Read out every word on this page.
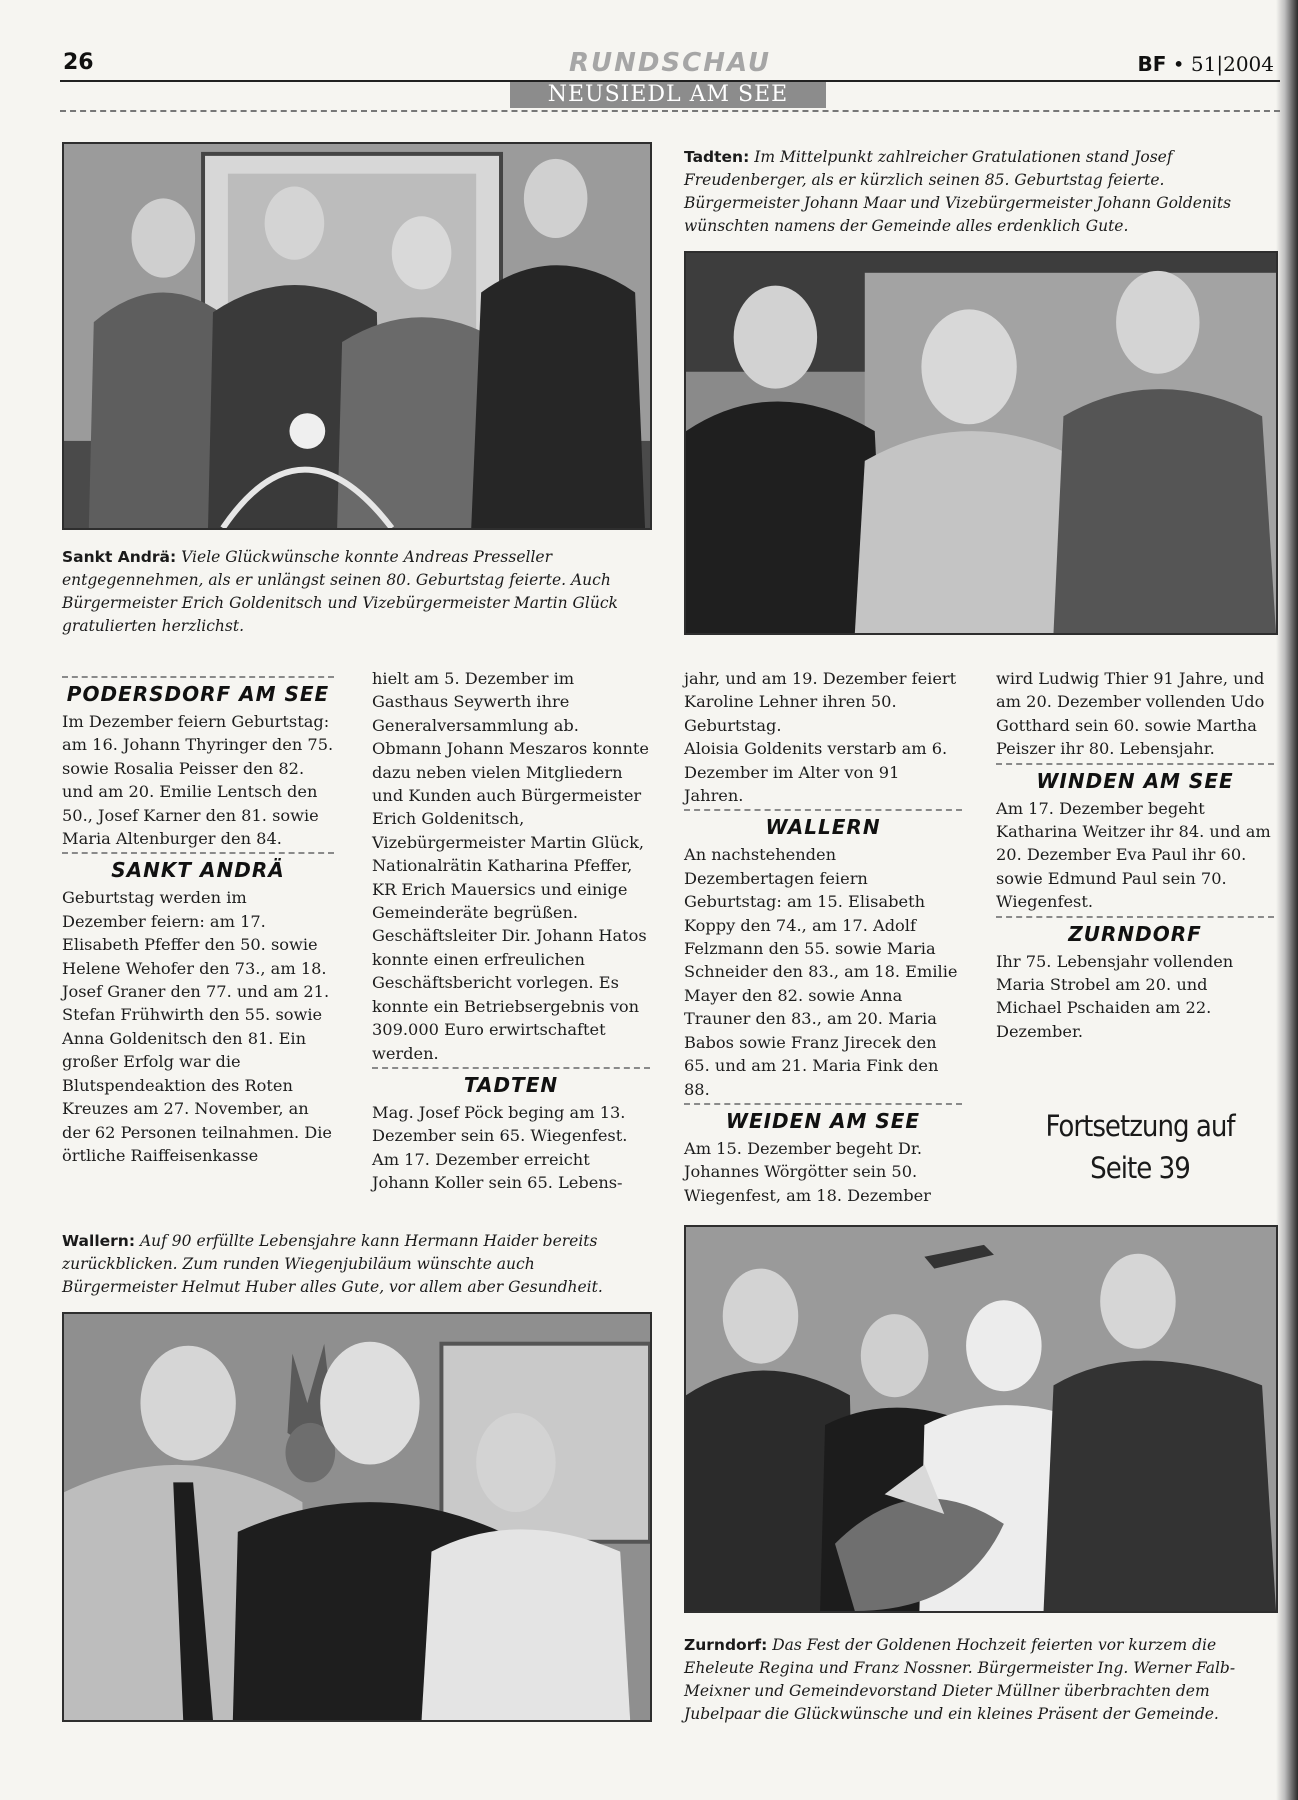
26	RUNDSCHAU	BF • 51|2004
NEUSIEDL AM SEE
Tadten: Im Mittelpunkt zahlreicher Gratulationen stand Josef Freudenberger, als er kürzlich seinen 85. Geburtstag feierte. Bürgermeister Johann Maar und Vizebürgermeister Johann Goldenits wünschten namens der Gemeinde alles erdenklich Gute.
Sankt Andrä: Viele Glückwünsche konnte Andreas Presseller entgegennehmen, als er unlängst seinen 80. Geburtstag feierte. Auch Bürgermeister Erich Goldenitsch und Vizebürgermeister Martin Glück gratulierten herzlichst.
PODERSDORF AM SEE

Im Dezember feiern Geburtstag: am 16. Johann Thyringer den 75. sowie Rosalia Peisser den 82. und am 20. Emilie Lentsch den 50., Josef Karner den 81. sowie Maria Altenburger den 84.

SANKT ANDRÄ

Geburtstag werden im Dezember feiern: am 17. Elisabeth Pfeffer den 50. sowie Helene Wehofer den 73., am 18. Josef Graner den 77. und am 21. Stefan Frühwirth den 55. sowie Anna Goldenitsch den 81. Ein großer Erfolg war die Blutspendeaktion des Roten Kreuzes am 27. November, an der 62 Personen teilnahmen. Die örtliche Raiffeisenkasse

hielt am 5. Dezember im Gasthaus Seywerth ihre Generalversammlung ab. Obmann Johann Meszaros konnte dazu neben vielen Mitgliedern und Kunden auch Bürgermeister Erich Goldenitsch, Vizebürgermeister Martin Glück, Nationalrätin Katharina Pfeffer, KR Erich Mauersics und einige Gemeinderäte begrüßen. Geschäftsleiter Dir. Johann Hatos konnte einen erfreulichen Geschäftsbericht vorlegen. Es konnte ein Betriebsergebnis von 309.000 Euro erwirtschaftet werden.

TADTEN

Mag. Josef Pöck beging am 13. Dezember sein 65. Wiegenfest. Am 17. Dezember erreicht Johann Koller sein 65. Lebens-

jahr, und am 19. Dezember feiert Karoline Lehner ihren 50. Geburtstag.

Aloisia Goldenits verstarb am 6. Dezember im Alter von 91 Jahren.

WALLERN

An nachstehenden Dezembertagen feiern Geburtstag: am 15. Elisabeth Koppy den 74., am 17. Adolf Felzmann den 55. sowie Maria Schneider den 83., am 18. Emilie Mayer den 82. sowie Anna Trauner den 83., am 20. Maria Babos sowie Franz Jirecek den 65. und am 21. Maria Fink den 88.

WEIDEN AM SEE

Am 15. Dezember begeht Dr. Johannes Wörgötter sein 50. Wiegenfest, am 18. Dezember

wird Ludwig Thier 91 Jahre, und am 20. Dezember vollenden Udo Gotthard sein 60. sowie Martha Peiszer ihr 80. Lebensjahr.

WINDEN AM SEE

Am 17. Dezember begeht Katharina Weitzer ihr 84. und am 20. Dezember Eva Paul ihr 60. sowie Edmund Paul sein 70. Wiegenfest.

ZURNDORF

Ihr 75. Lebensjahr vollenden Maria Strobel am 20. und Michael Pschaiden am 22. Dezember.

Fortsetzung auf
Seite 39
Wallern: Auf 90 erfüllte Lebensjahre kann Hermann Haider bereits zurückblicken. Zum runden Wiegenjubiläum wünschte auch Bürgermeister Helmut Huber alles Gute, vor allem aber Gesundheit.
Zurndorf: Das Fest der Goldenen Hochzeit feierten vor kurzem die Eheleute Regina und Franz Nossner. Bürgermeister Ing. Werner Falb-Meixner und Gemeindevorstand Dieter Müllner überbrachten dem Jubelpaar die Glückwünsche und ein kleines Präsent der Gemeinde.
